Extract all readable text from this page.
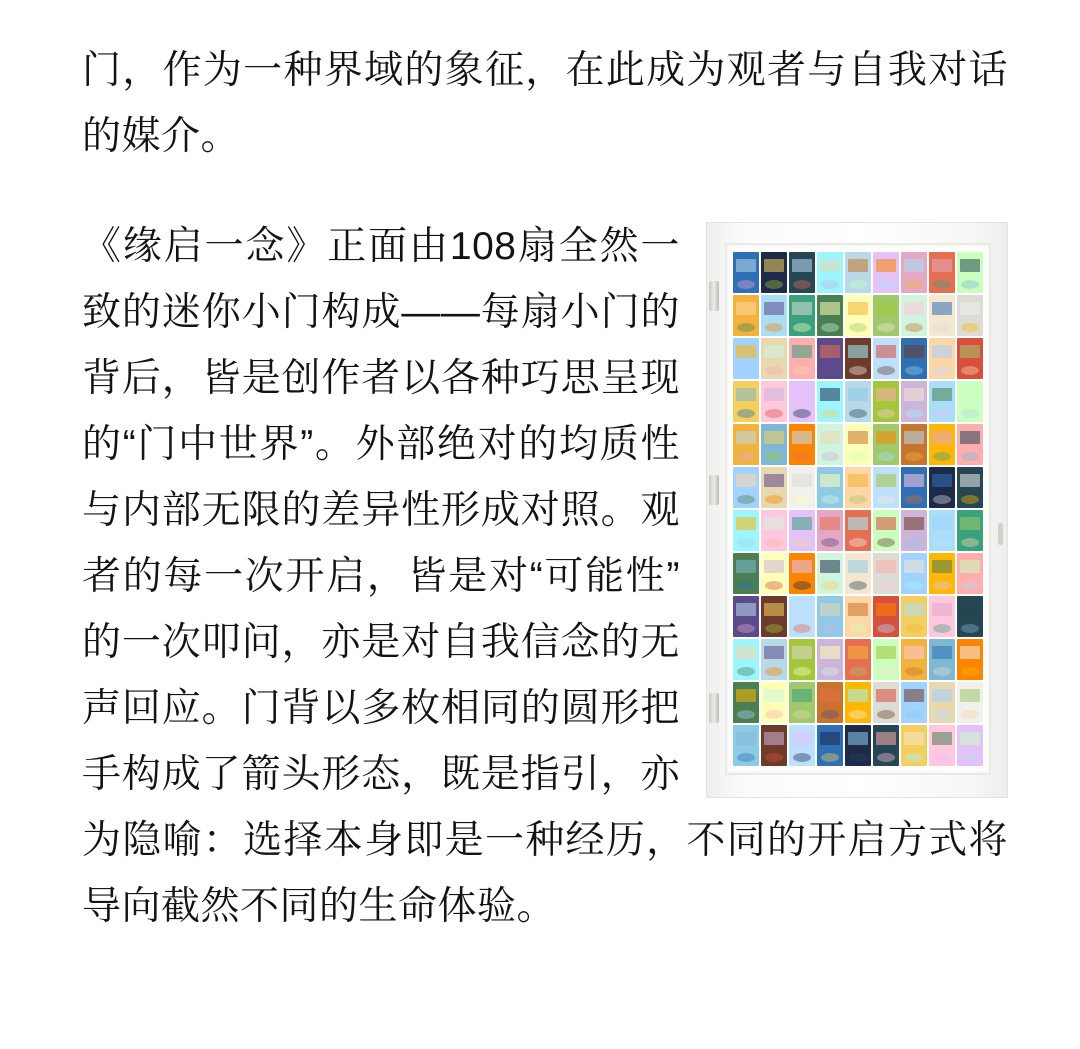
门，作为一种界域的象征，在此成为观者与自我对话的媒介。

《缘启一念》正面由108扇全然一致的迷你小门构成——每扇小门的背后，皆是创作者以各种巧思呈现的“门中世界”。外部绝对的均质性与内部无限的差异性形成对照。观者的每一次开启，皆是对“可能性”的一次叩问，亦是对自我信念的无声回应。门背以多枚相同的圆形把手构成了箭头形态，既是指引，亦为隐喻：选择本身即是一种经历，不同的开启方式将导向截然不同的生命体验。
